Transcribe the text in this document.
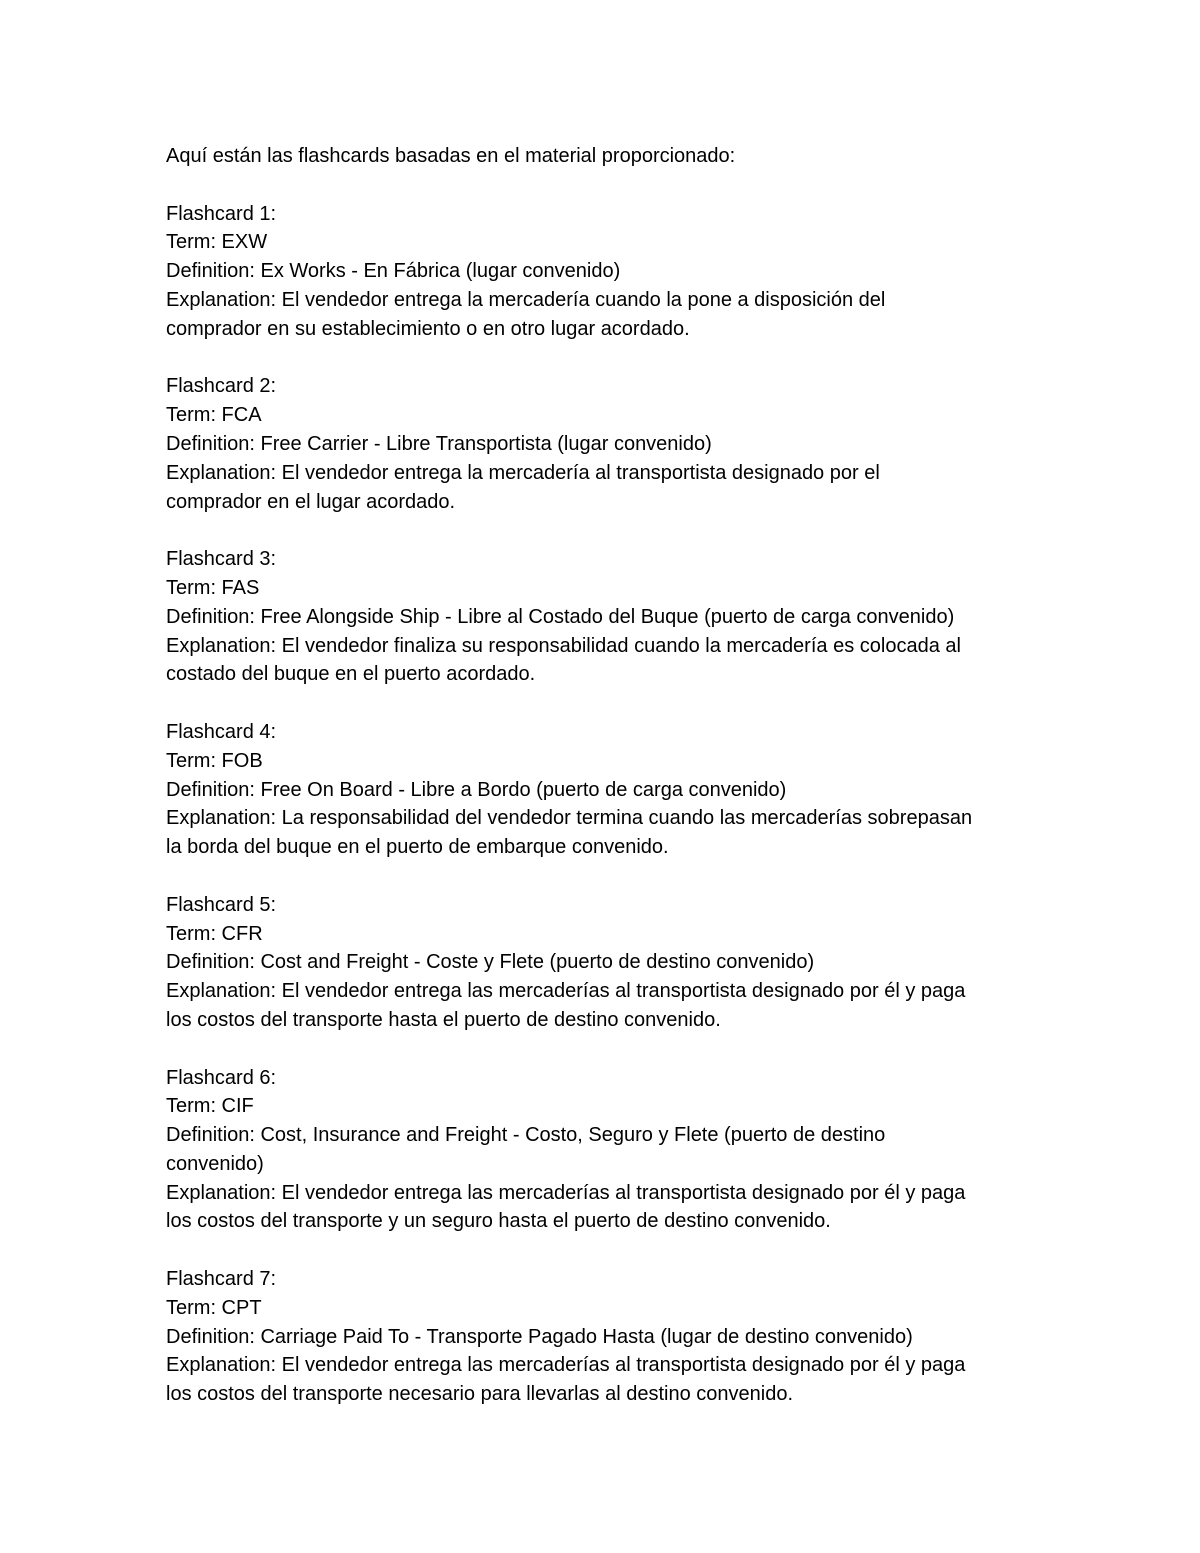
Aquí están las flashcards basadas en el material proporcionado:
Flashcard 1:
Term: EXW
Definition: Ex Works - En Fábrica (lugar convenido)
Explanation: El vendedor entrega la mercadería cuando la pone a disposición del
comprador en su establecimiento o en otro lugar acordado.
Flashcard 2:
Term: FCA
Definition: Free Carrier - Libre Transportista (lugar convenido)
Explanation: El vendedor entrega la mercadería al transportista designado por el
comprador en el lugar acordado.
Flashcard 3:
Term: FAS
Definition: Free Alongside Ship - Libre al Costado del Buque (puerto de carga convenido)
Explanation: El vendedor finaliza su responsabilidad cuando la mercadería es colocada al
costado del buque en el puerto acordado.
Flashcard 4:
Term: FOB
Definition: Free On Board - Libre a Bordo (puerto de carga convenido)
Explanation: La responsabilidad del vendedor termina cuando las mercaderías sobrepasan
la borda del buque en el puerto de embarque convenido.
Flashcard 5:
Term: CFR
Definition: Cost and Freight - Coste y Flete (puerto de destino convenido)
Explanation: El vendedor entrega las mercaderías al transportista designado por él y paga
los costos del transporte hasta el puerto de destino convenido.
Flashcard 6:
Term: CIF
Definition: Cost, Insurance and Freight - Costo, Seguro y Flete (puerto de destino
convenido)
Explanation: El vendedor entrega las mercaderías al transportista designado por él y paga
los costos del transporte y un seguro hasta el puerto de destino convenido.
Flashcard 7:
Term: CPT
Definition: Carriage Paid To - Transporte Pagado Hasta (lugar de destino convenido)
Explanation: El vendedor entrega las mercaderías al transportista designado por él y paga
los costos del transporte necesario para llevarlas al destino convenido.
